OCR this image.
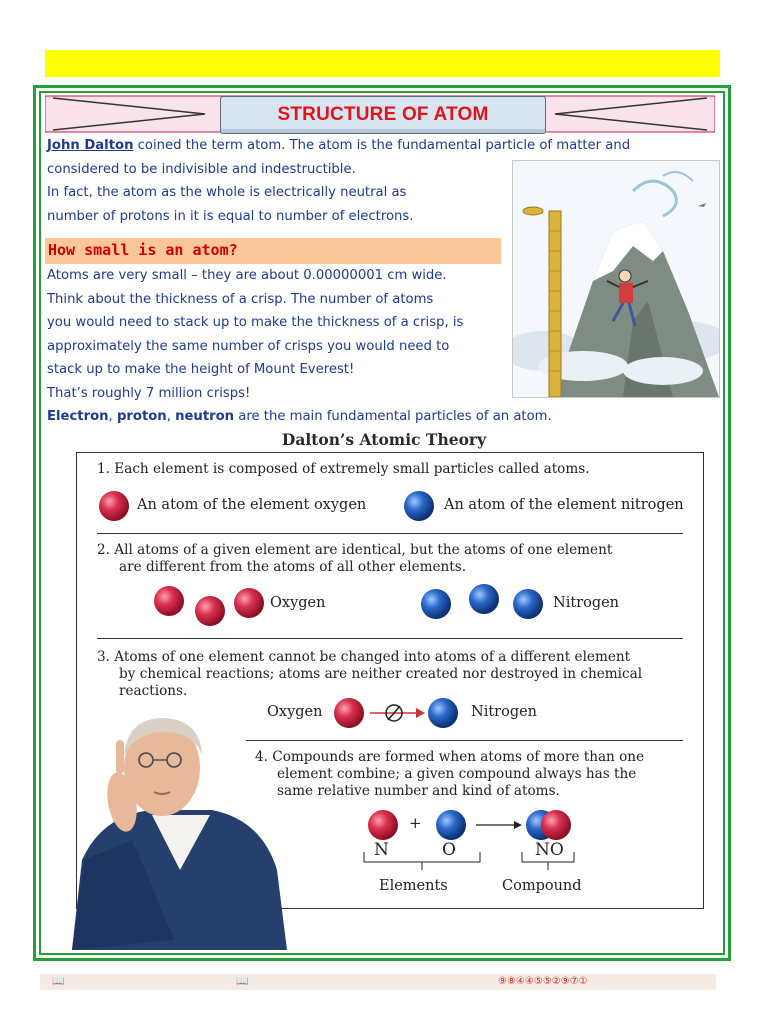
STRUCTURE OF ATOM
John Dalton coined the term atom. The atom is the fundamental particle of matter and
considered to be indivisible and indestructible.
In fact, the atom as the whole is electrically neutral as
number of protons in it is equal to number of electrons.
How small is an atom?
Atoms are very small – they are about 0.00000001 cm wide.
Think about the thickness of a crisp. The number of atoms
you would need to stack up to make the thickness of a crisp, is
approximately the same number of crisps you would need to
stack up to make the height of Mount Everest!
That’s roughly 7 million crisps!
Electron, proton, neutron are the main fundamental particles of an atom.
Dalton’s Atomic Theory
1. Each element is composed of extremely small particles called atoms.
An atom of the element oxygen	An atom of the element nitrogen
2. All atoms of a given element are identical, but the atoms of one element
are different from the atoms of all other elements.
Oxygen	Nitrogen
3. Atoms of one element cannot be changed into atoms of a different element
by chemical reactions; atoms are neither created nor destroyed in chemical
reactions.
Oxygen	Nitrogen
4. Compounds are formed when atoms of more than one
element combine; a given compound always has the
same relative number and kind of atoms.
+
N	O	NO
Elements	Compound
📖	📖	⑨⑧④④⑤⑤②⑨⑦①
